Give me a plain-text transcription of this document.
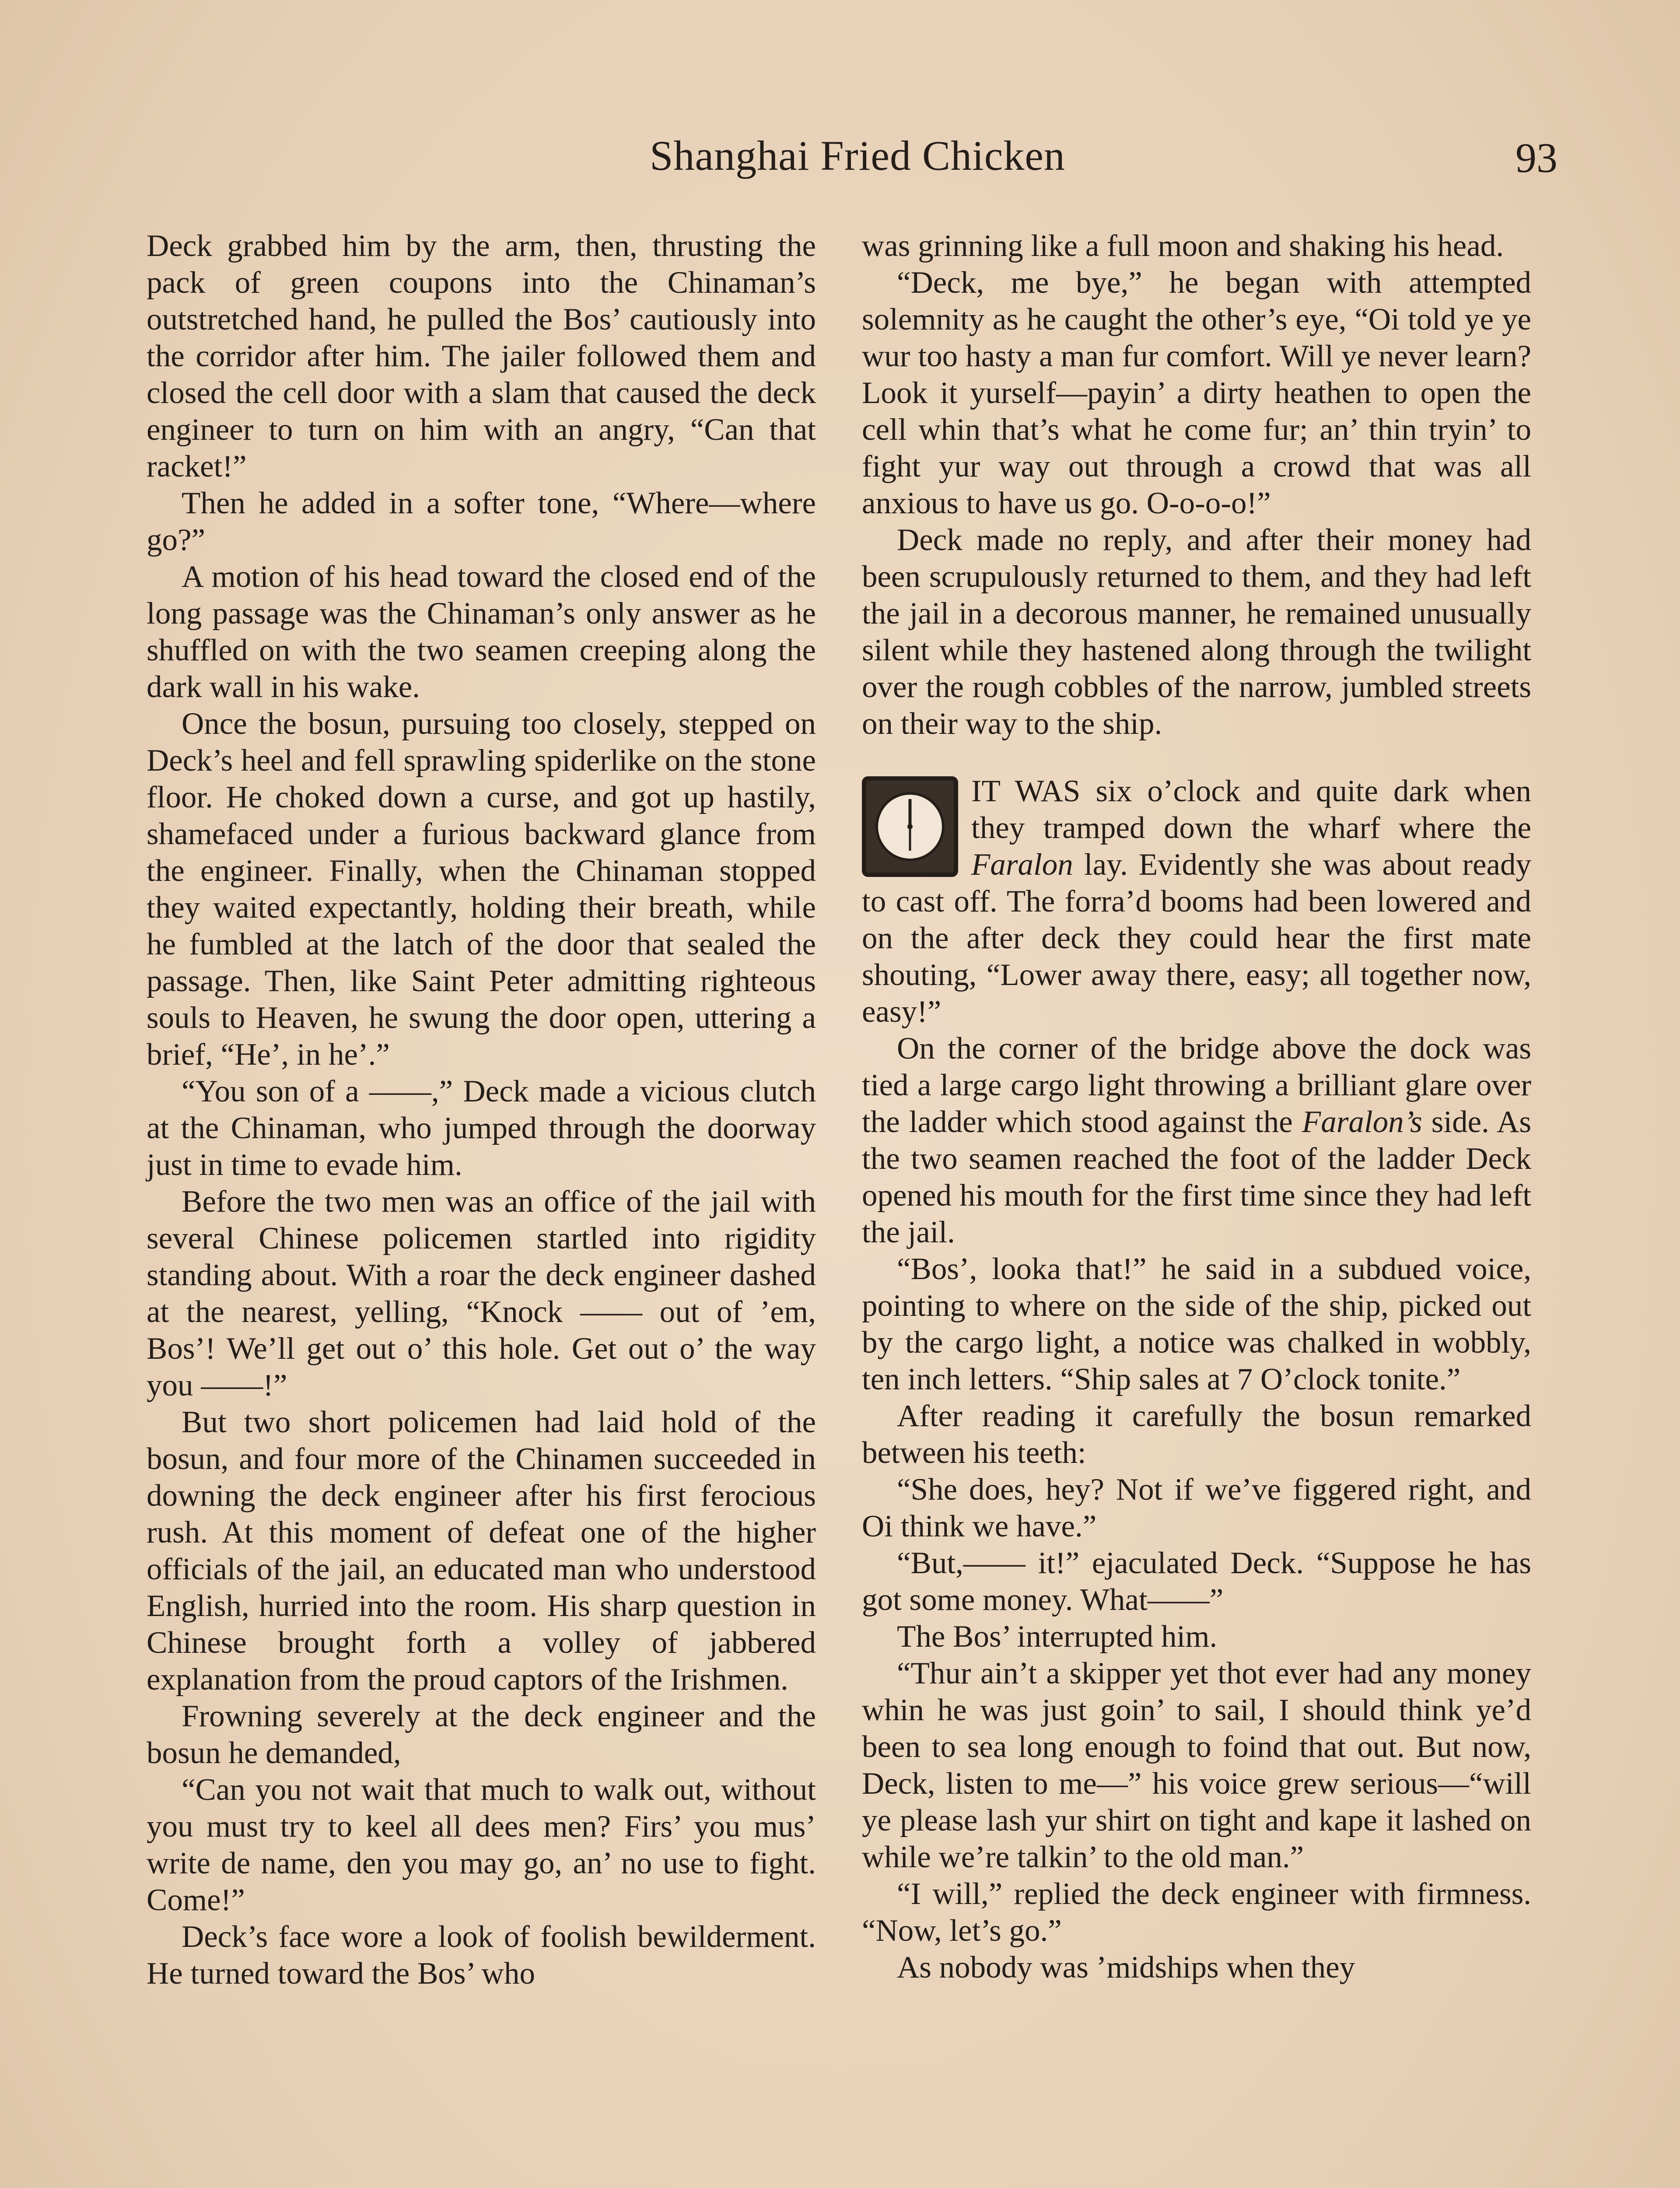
Shanghai Fried Chicken	93

Deck grabbed him by the arm, then, thrusting the pack of green coupons into the Chinaman’s outstretched hand, he pulled the Bos’ cautiously into the corridor after him. The jailer followed them and closed the cell door with a slam that caused the deck engineer to turn on him with an angry, “Can that racket!”

Then he added in a softer tone, “Where—where go?”

A motion of his head toward the closed end of the long passage was the Chinaman’s only answer as he shuffled on with the two seamen creeping along the dark wall in his wake.

Once the bosun, pursuing too closely, stepped on Deck’s heel and fell sprawling spiderlike on the stone floor. He choked down a curse, and got up hastily, shamefaced under a furious backward glance from the engineer. Finally, when the Chinaman stopped they waited expectantly, holding their breath, while he fumbled at the latch of the door that sealed the passage. Then, like Saint Peter admitting righteous souls to Heaven, he swung the door open, uttering a brief, “He’, in he’.”

“You son of a ——,” Deck made a vicious clutch at the Chinaman, who jumped through the doorway just in time to evade him.

Before the two men was an office of the jail with several Chinese policemen startled into rigidity standing about. With a roar the deck engineer dashed at the nearest, yelling, “Knock —— out of ’em, Bos’! We’ll get out o’ this hole. Get out o’ the way you ——!”

But two short policemen had laid hold of the bosun, and four more of the Chinamen succeeded in downing the deck engineer after his first ferocious rush. At this moment of defeat one of the higher officials of the jail, an educated man who understood English, hurried into the room. His sharp question in Chinese brought forth a volley of jabbered explanation from the proud captors of the Irishmen.

Frowning severely at the deck engineer and the bosun he demanded,

“Can you not wait that much to walk out, without you must try to keel all dees men? Firs’ you mus’ write de name, den you may go, an’ no use to fight. Come!”

Deck’s face wore a look of foolish bewilderment. He turned toward the Bos’ who

was grinning like a full moon and shaking his head.

“Deck, me bye,” he began with attempted solemnity as he caught the other’s eye, “Oi told ye ye wur too hasty a man fur comfort. Will ye never learn? Look it yurself—payin’ a dirty heathen to open the cell whin that’s what he come fur; an’ thin tryin’ to fight yur way out through a crowd that was all anxious to have us go. O-o-o-o!”

Deck made no reply, and after their money had been scrupulously returned to them, and they had left the jail in a decorous manner, he remained unusually silent while they hastened along through the twilight over the rough cobbles of the narrow, jumbled streets on their way to the ship.

IT WAS six o’clock and quite dark when they tramped down the wharf where the Faralon lay. Evidently she was about ready to cast off. The forra’d booms had been lowered and on the after deck they could hear the first mate shouting, “Lower away there, easy; all together now, easy!”

On the corner of the bridge above the dock was tied a large cargo light throwing a brilliant glare over the ladder which stood against the Faralon’s side. As the two seamen reached the foot of the ladder Deck opened his mouth for the first time since they had left the jail.

“Bos’, looka that!” he said in a subdued voice, pointing to where on the side of the ship, picked out by the cargo light, a notice was chalked in wobbly, ten inch letters. “Ship sales at 7 O’clock tonite.”

After reading it carefully the bosun remarked between his teeth:

“She does, hey? Not if we’ve figgered right, and Oi think we have.”

“But,—— it!” ejaculated Deck. “Suppose he has got some money. What——”

The Bos’ interrupted him.

“Thur ain’t a skipper yet thot ever had any money whin he was just goin’ to sail, I should think ye’d been to sea long enough to foind that out. But now, Deck, listen to me—” his voice grew serious—“will ye please lash yur shirt on tight and kape it lashed on while we’re talkin’ to the old man.”

“I will,” replied the deck engineer with firmness. “Now, let’s go.”

As nobody was ’midships when they
